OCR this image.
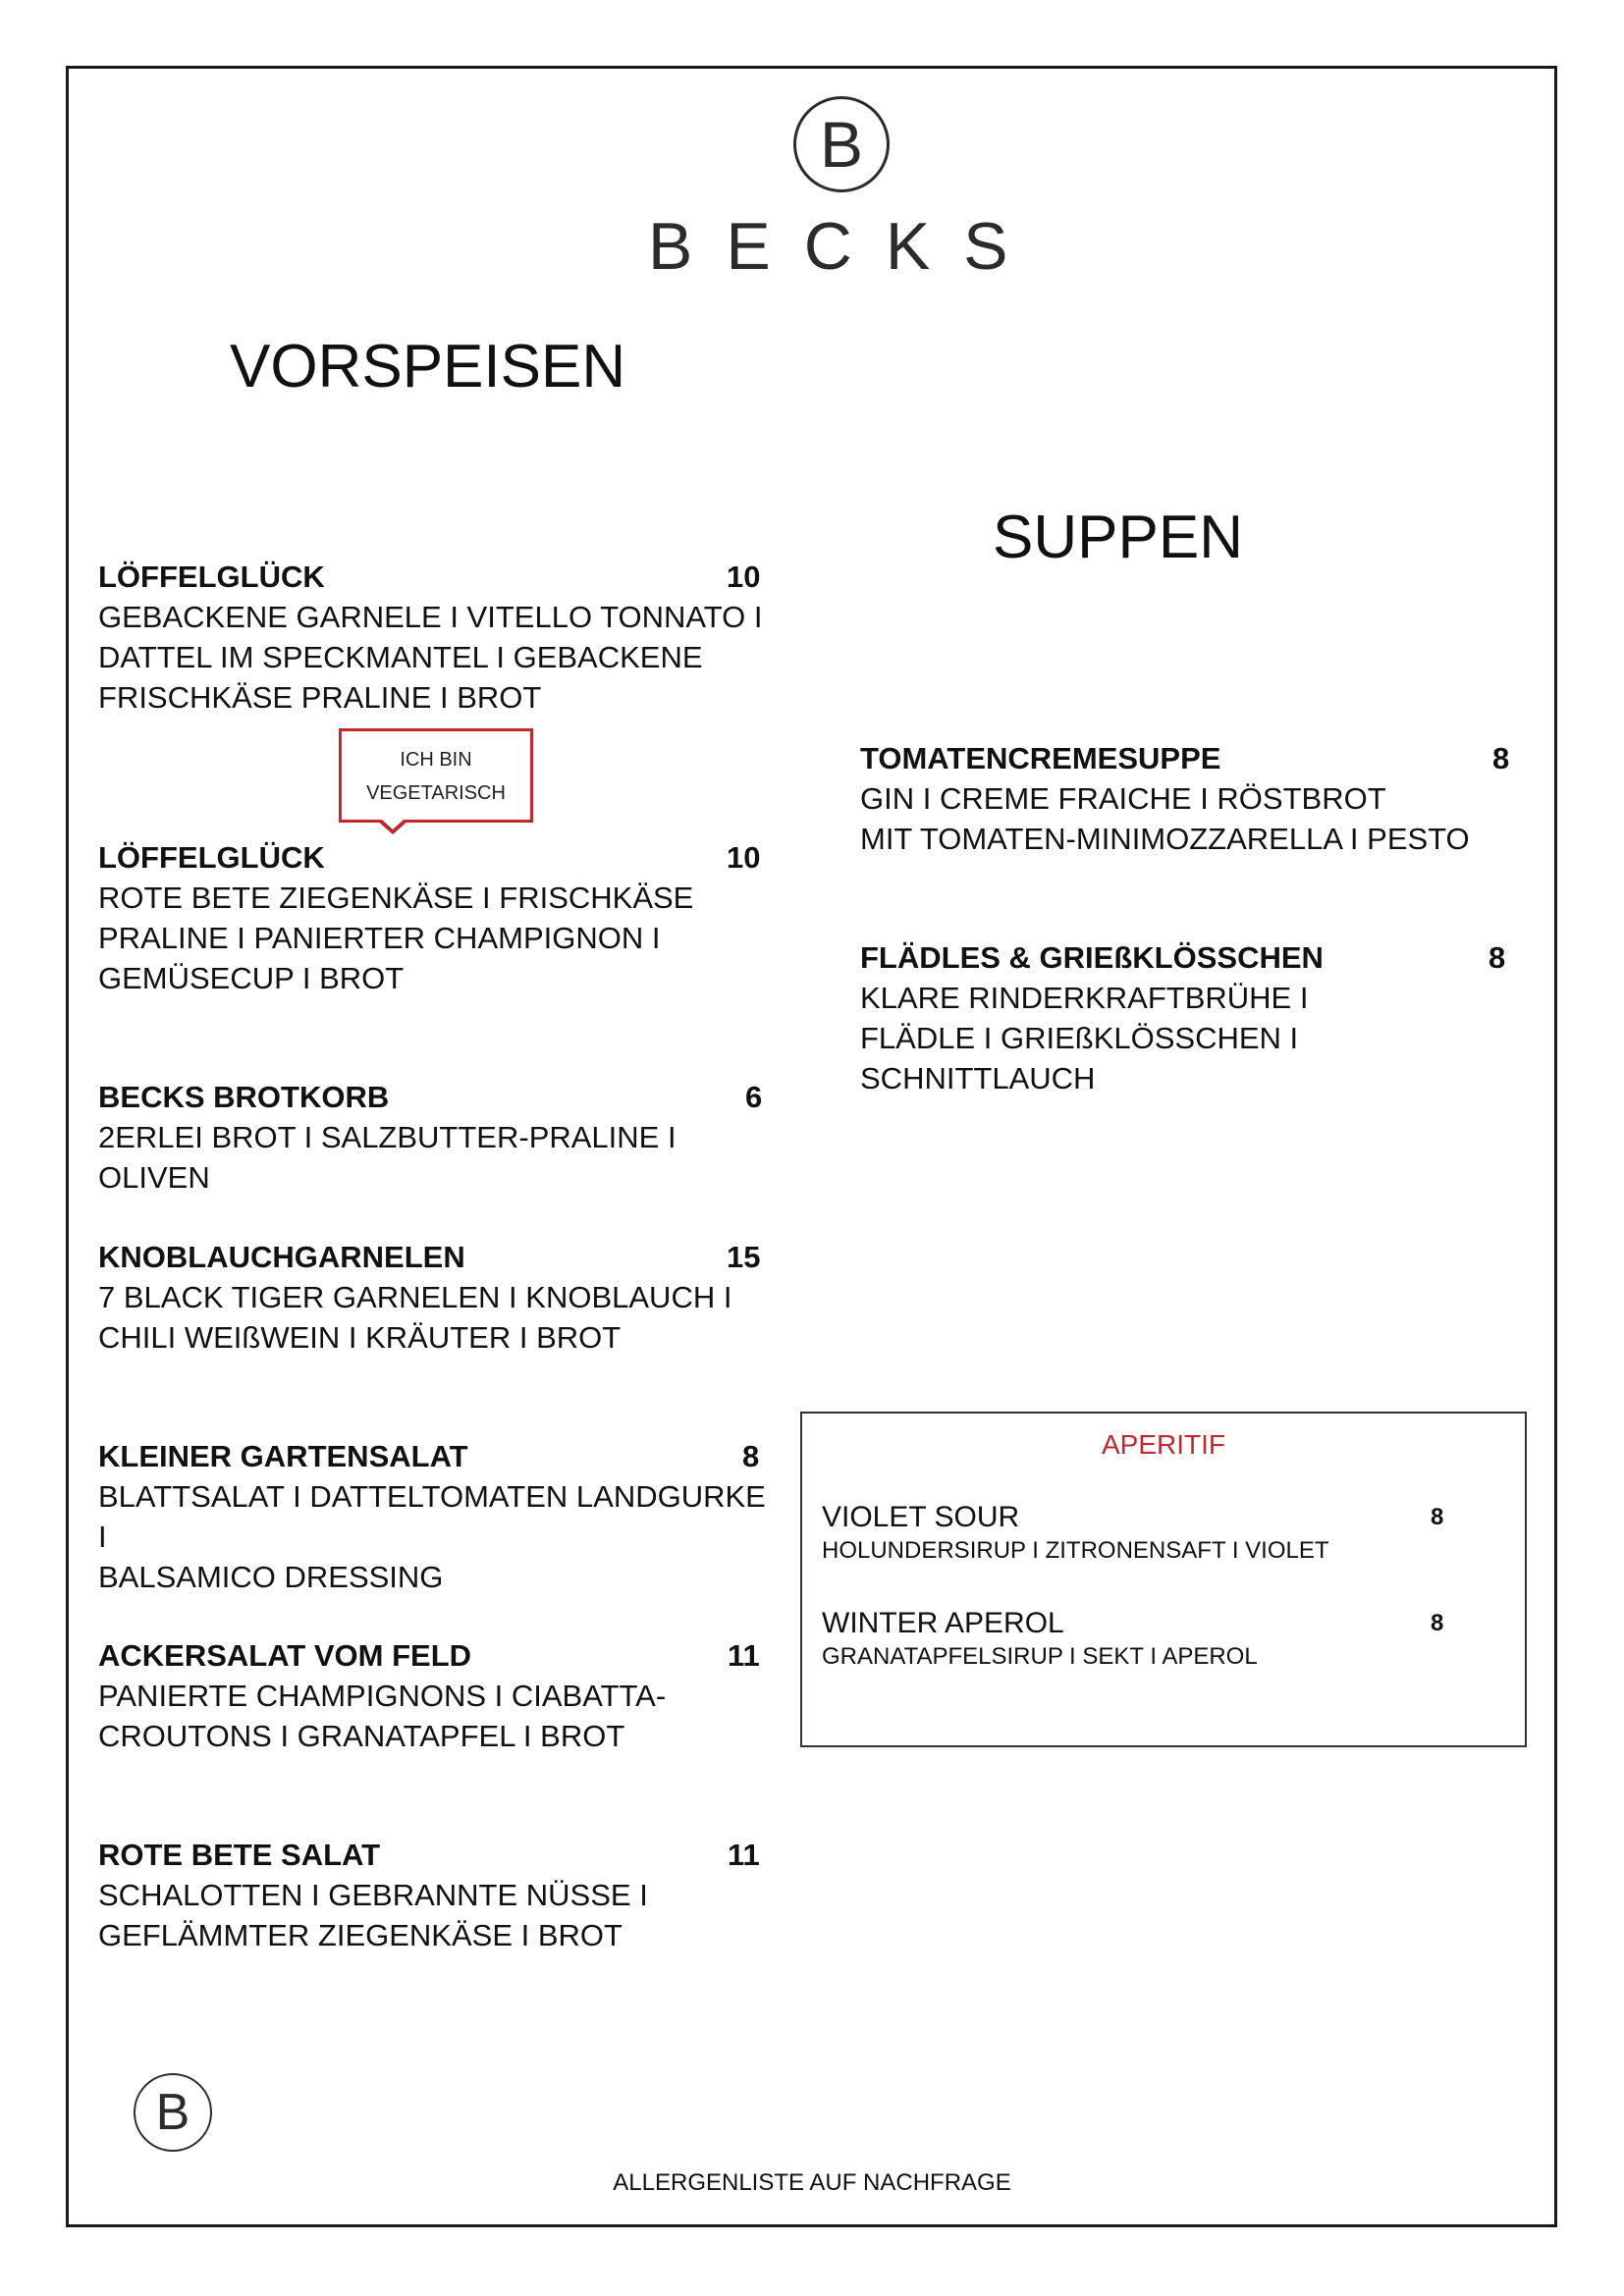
B
BECKS
VORSPEISEN
LÖFFELGLÜCK	10
GEBACKENE GARNELE I VITELLO TONNATO I
DATTEL IM SPECKMANTEL I GEBACKENE
FRISCHKÄSE PRALINE I BROT
ICH BIN
VEGETARISCH
LÖFFELGLÜCK	10
ROTE BETE ZIEGENKÄSE I FRISCHKÄSE
PRALINE I PANIERTER CHAMPIGNON I
GEMÜSECUP I BROT
BECKS BROTKORB	6
2ERLEI BROT I SALZBUTTER-PRALINE I OLIVEN
KNOBLAUCHGARNELEN	15
7 BLACK TIGER GARNELEN I KNOBLAUCH I
CHILI WEIßWEIN I KRÄUTER I BROT
KLEINER GARTENSALAT	8
BLATTSALAT I DATTELTOMATEN LANDGURKE I
BALSAMICO DRESSING
ACKERSALAT VOM FELD	11
PANIERTE CHAMPIGNONS I CIABATTA-
CROUTONS I GRANATAPFEL I BROT
ROTE BETE SALAT	11
SCHALOTTEN I GEBRANNTE NÜSSE I
GEFLÄMMTER ZIEGENKÄSE I BROT
SUPPEN
TOMATENCREMESUPPE	8
GIN I CREME FRAICHE I RÖSTBROT
MIT TOMATEN-MINIMOZZARELLA I PESTO
FLÄDLES & GRIEßKLÖSSCHEN	8
KLARE RINDERKRAFTBRÜHE I
FLÄDLE I GRIEßKLÖSSCHEN I SCHNITTLAUCH
APERITIF
VIOLET SOUR	8
HOLUNDERSIRUP I ZITRONENSAFT I VIOLET
WINTER APEROL	8
GRANATAPFELSIRUP I SEKT I APEROL
B
ALLERGENLISTE AUF NACHFRAGE
